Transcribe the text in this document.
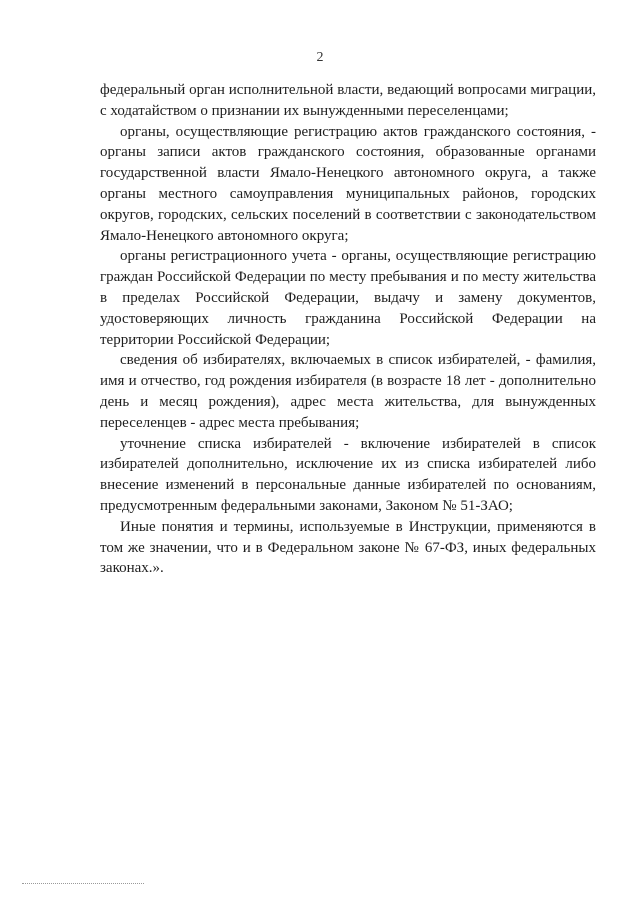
2

федеральный орган исполнительной власти, ведающий вопросами миграции, с ходатайством о признании их вынужденными переселенцами;

органы, осуществляющие регистрацию актов гражданского состояния, - органы записи актов гражданского состояния, образованные органами государственной власти Ямало-Ненецкого автономного округа, а также органы местного самоуправления муниципальных районов, городских округов, городских, сельских поселений в соответствии с законодательством Ямало-Ненецкого автономного округа;

органы регистрационного учета - органы, осуществляющие регистрацию граждан Российской Федерации по месту пребывания и по месту жительства в пределах Российской Федерации, выдачу и замену документов, удостоверяющих личность гражданина Российской Федерации на территории Российской Федерации;

сведения об избирателях, включаемых в список избирателей, - фамилия, имя и отчество, год рождения избирателя (в возрасте 18 лет - дополнительно день и месяц рождения), адрес места жительства, для вынужденных переселенцев - адрес места пребывания;

уточнение списка избирателей - включение избирателей в список избирателей дополнительно, исключение их из списка избирателей либо внесение изменений в персональные данные избирателей по основаниям, предусмотренным федеральными законами, Законом № 51-ЗАО;

Иные понятия и термины, используемые в Инструкции, применяются в том же значении, что и в Федеральном законе № 67-ФЗ, иных федеральных законах.».
